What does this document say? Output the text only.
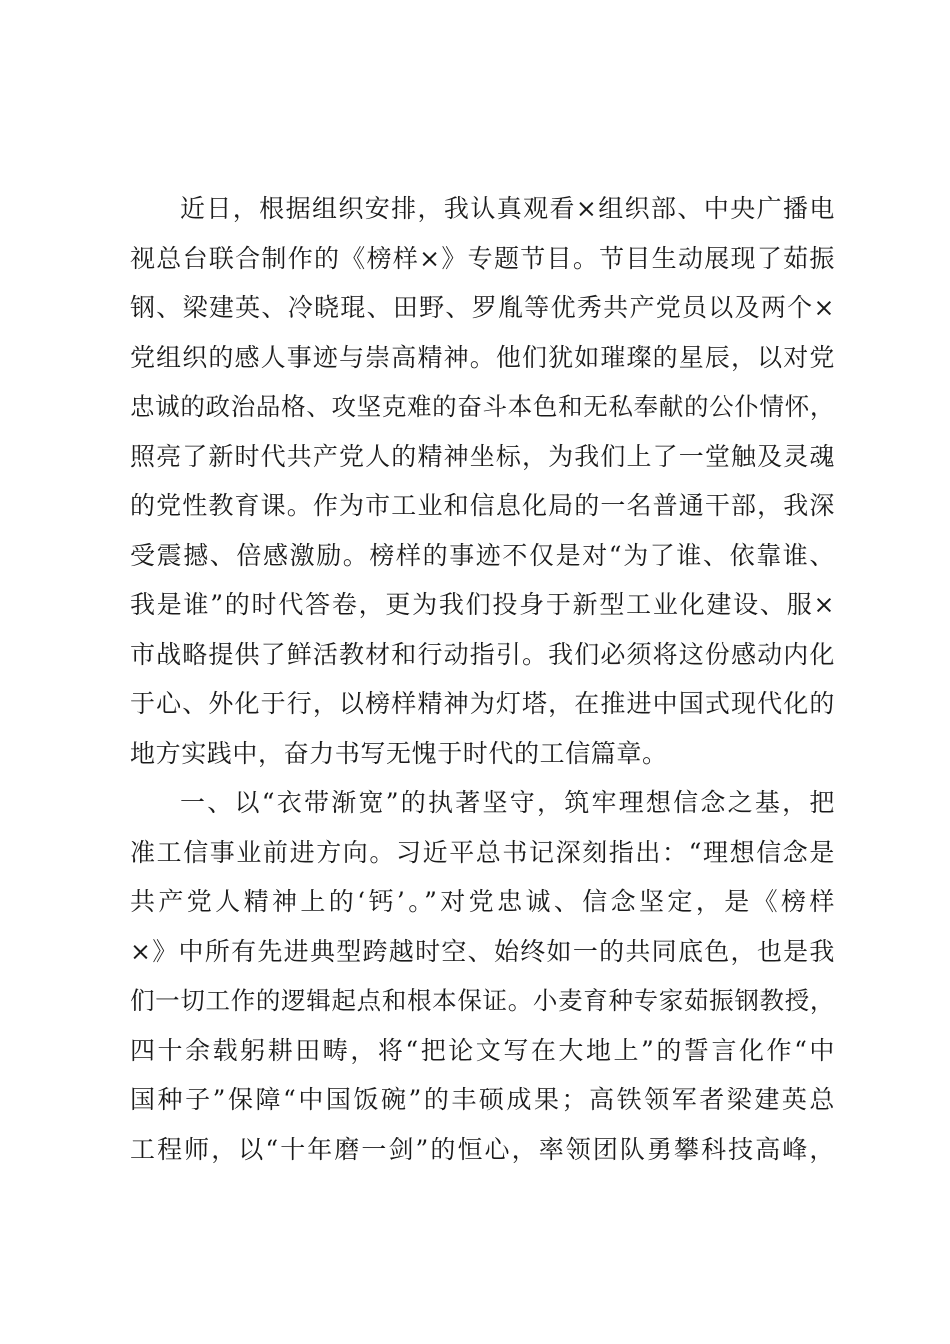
近日，根据组织安排，我认真观看×组织部、中央广播电
视总台联合制作的《榜样×》专题节目。节目生动展现了茹振
钢、梁建英、冷晓琨、田野、罗胤等优秀共产党员以及两个×
党组织的感人事迹与崇高精神。他们犹如璀璨的星辰，以对党
忠诚的政治品格、攻坚克难的奋斗本色和无私奉献的公仆情怀，
照亮了新时代共产党人的精神坐标，为我们上了一堂触及灵魂
的党性教育课。作为市工业和信息化局的一名普通干部，我深
受震撼、倍感激励。榜样的事迹不仅是对“为了谁、依靠谁、
我是谁”的时代答卷，更为我们投身于新型工业化建设、服×
市战略提供了鲜活教材和行动指引。我们必须将这份感动内化
于心、外化于行，以榜样精神为灯塔，在推进中国式现代化的
地方实践中，奋力书写无愧于时代的工信篇章。
一、以“衣带渐宽”的执著坚守，筑牢理想信念之基，把
准工信事业前进方向。习近平总书记深刻指出：“理想信念是
共产党人精神上的‘钙’。”对党忠诚、信念坚定，是《榜样
×》中所有先进典型跨越时空、始终如一的共同底色，也是我
们一切工作的逻辑起点和根本保证。小麦育种专家茹振钢教授，
四十余载躬耕田畴，将“把论文写在大地上”的誓言化作“中
国种子”保障“中国饭碗”的丰硕成果；高铁领军者梁建英总
工程师，以“十年磨一剑”的恒心，率领团队勇攀科技高峰，
